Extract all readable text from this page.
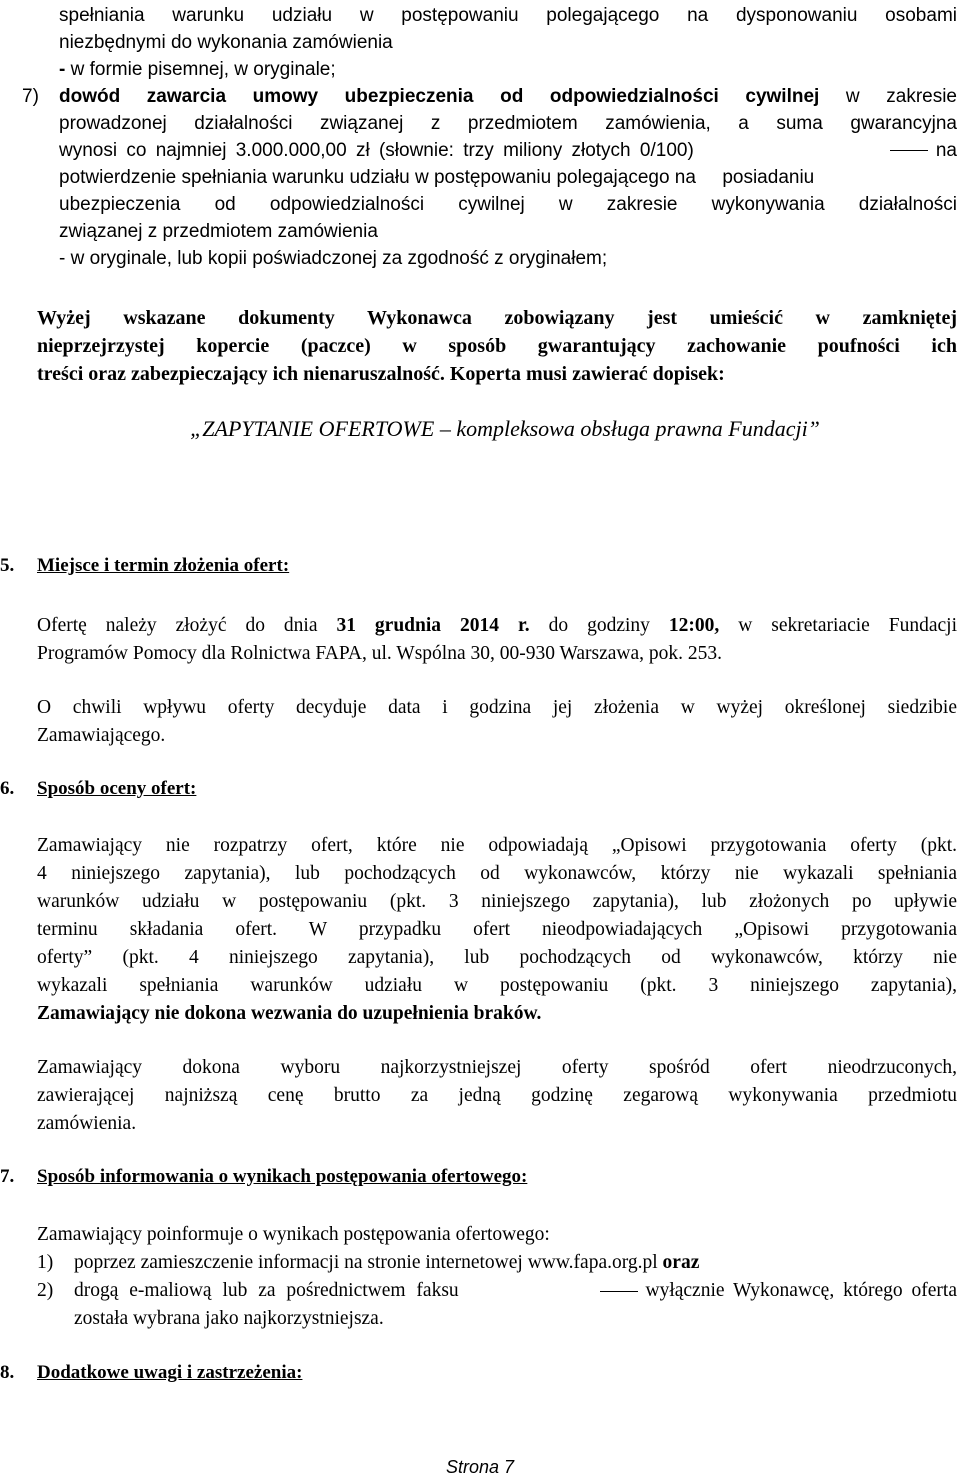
spełniania warunku udziału w postępowaniu polegającego na dysponowaniu osobami
niezbędnymi do wykonania zamówienia
- w formie pisemnej, w oryginale;
7) dowód zawarcia umowy ubezpieczenia od odpowiedzialności cywilnej w zakresie
prowadzonej działalności związanej z przedmiotem zamówienia, a suma gwarancyjna
wynosi co najmniej 3.000.000,00 zł (słownie: trzy miliony złotych 0/100)	na
potwierdzenie spełniania warunku udziału w postępowaniu polegającego na     posiadaniu
ubezpieczenia od odpowiedzialności cywilnej w zakresie wykonywania działalności
związanej z przedmiotem zamówienia
- w oryginale, lub kopii poświadczonej za zgodność z oryginałem;
Wyżej wskazane dokumenty Wykonawca zobowiązany jest umieścić w zamkniętej
nieprzejrzystej kopercie (paczce) w sposób gwarantujący zachowanie poufności ich
treści oraz zabezpieczający ich nienaruszalność. Koperta musi zawierać dopisek:
„ZAPYTANIE OFERTOWE – kompleksowa obsługa prawna Fundacji”
5. Miejsce i termin złożenia ofert:
Ofertę należy złożyć do dnia 31 grudnia 2014 r. do godziny 12:00, w sekretariacie Fundacji
Programów Pomocy dla Rolnictwa FAPA, ul. Wspólna 30, 00-930 Warszawa, pok. 253.
O chwili wpływu oferty decyduje data i godzina jej złożenia w wyżej określonej siedzibie
Zamawiającego.
6. Sposób oceny ofert:
Zamawiający nie rozpatrzy ofert, które nie odpowiadają „Opisowi przygotowania oferty (pkt.
4 niniejszego zapytania), lub pochodzących od wykonawców, którzy nie wykazali spełniania
warunków udziału w postępowaniu (pkt. 3 niniejszego zapytania), lub złożonych po upływie
terminu składania ofert. W przypadku ofert nieodpowiadających „Opisowi przygotowania
oferty” (pkt. 4 niniejszego zapytania), lub pochodzących od wykonawców, którzy nie
wykazali spełniania warunków udziału w postępowaniu (pkt. 3 niniejszego zapytania),
Zamawiający nie dokona wezwania do uzupełnienia braków.
Zamawiający dokona wyboru najkorzystniejszej oferty spośród ofert nieodrzuconych,
zawierającej najniższą cenę brutto za jedną godzinę zegarową wykonywania przedmiotu
zamówienia.
7. Sposób informowania o wynikach postępowania ofertowego:
Zamawiający poinformuje o wynikach postępowania ofertowego:
1)	poprzez zamieszczenie informacji na stronie internetowej www.fapa.org.pl oraz
2)	drogą e-maliową lub za pośrednictwem faksu	wyłącznie Wykonawcę, którego oferta
została wybrana jako najkorzystniejsza.
8. Dodatkowe uwagi i zastrzeżenia:
Strona 7
